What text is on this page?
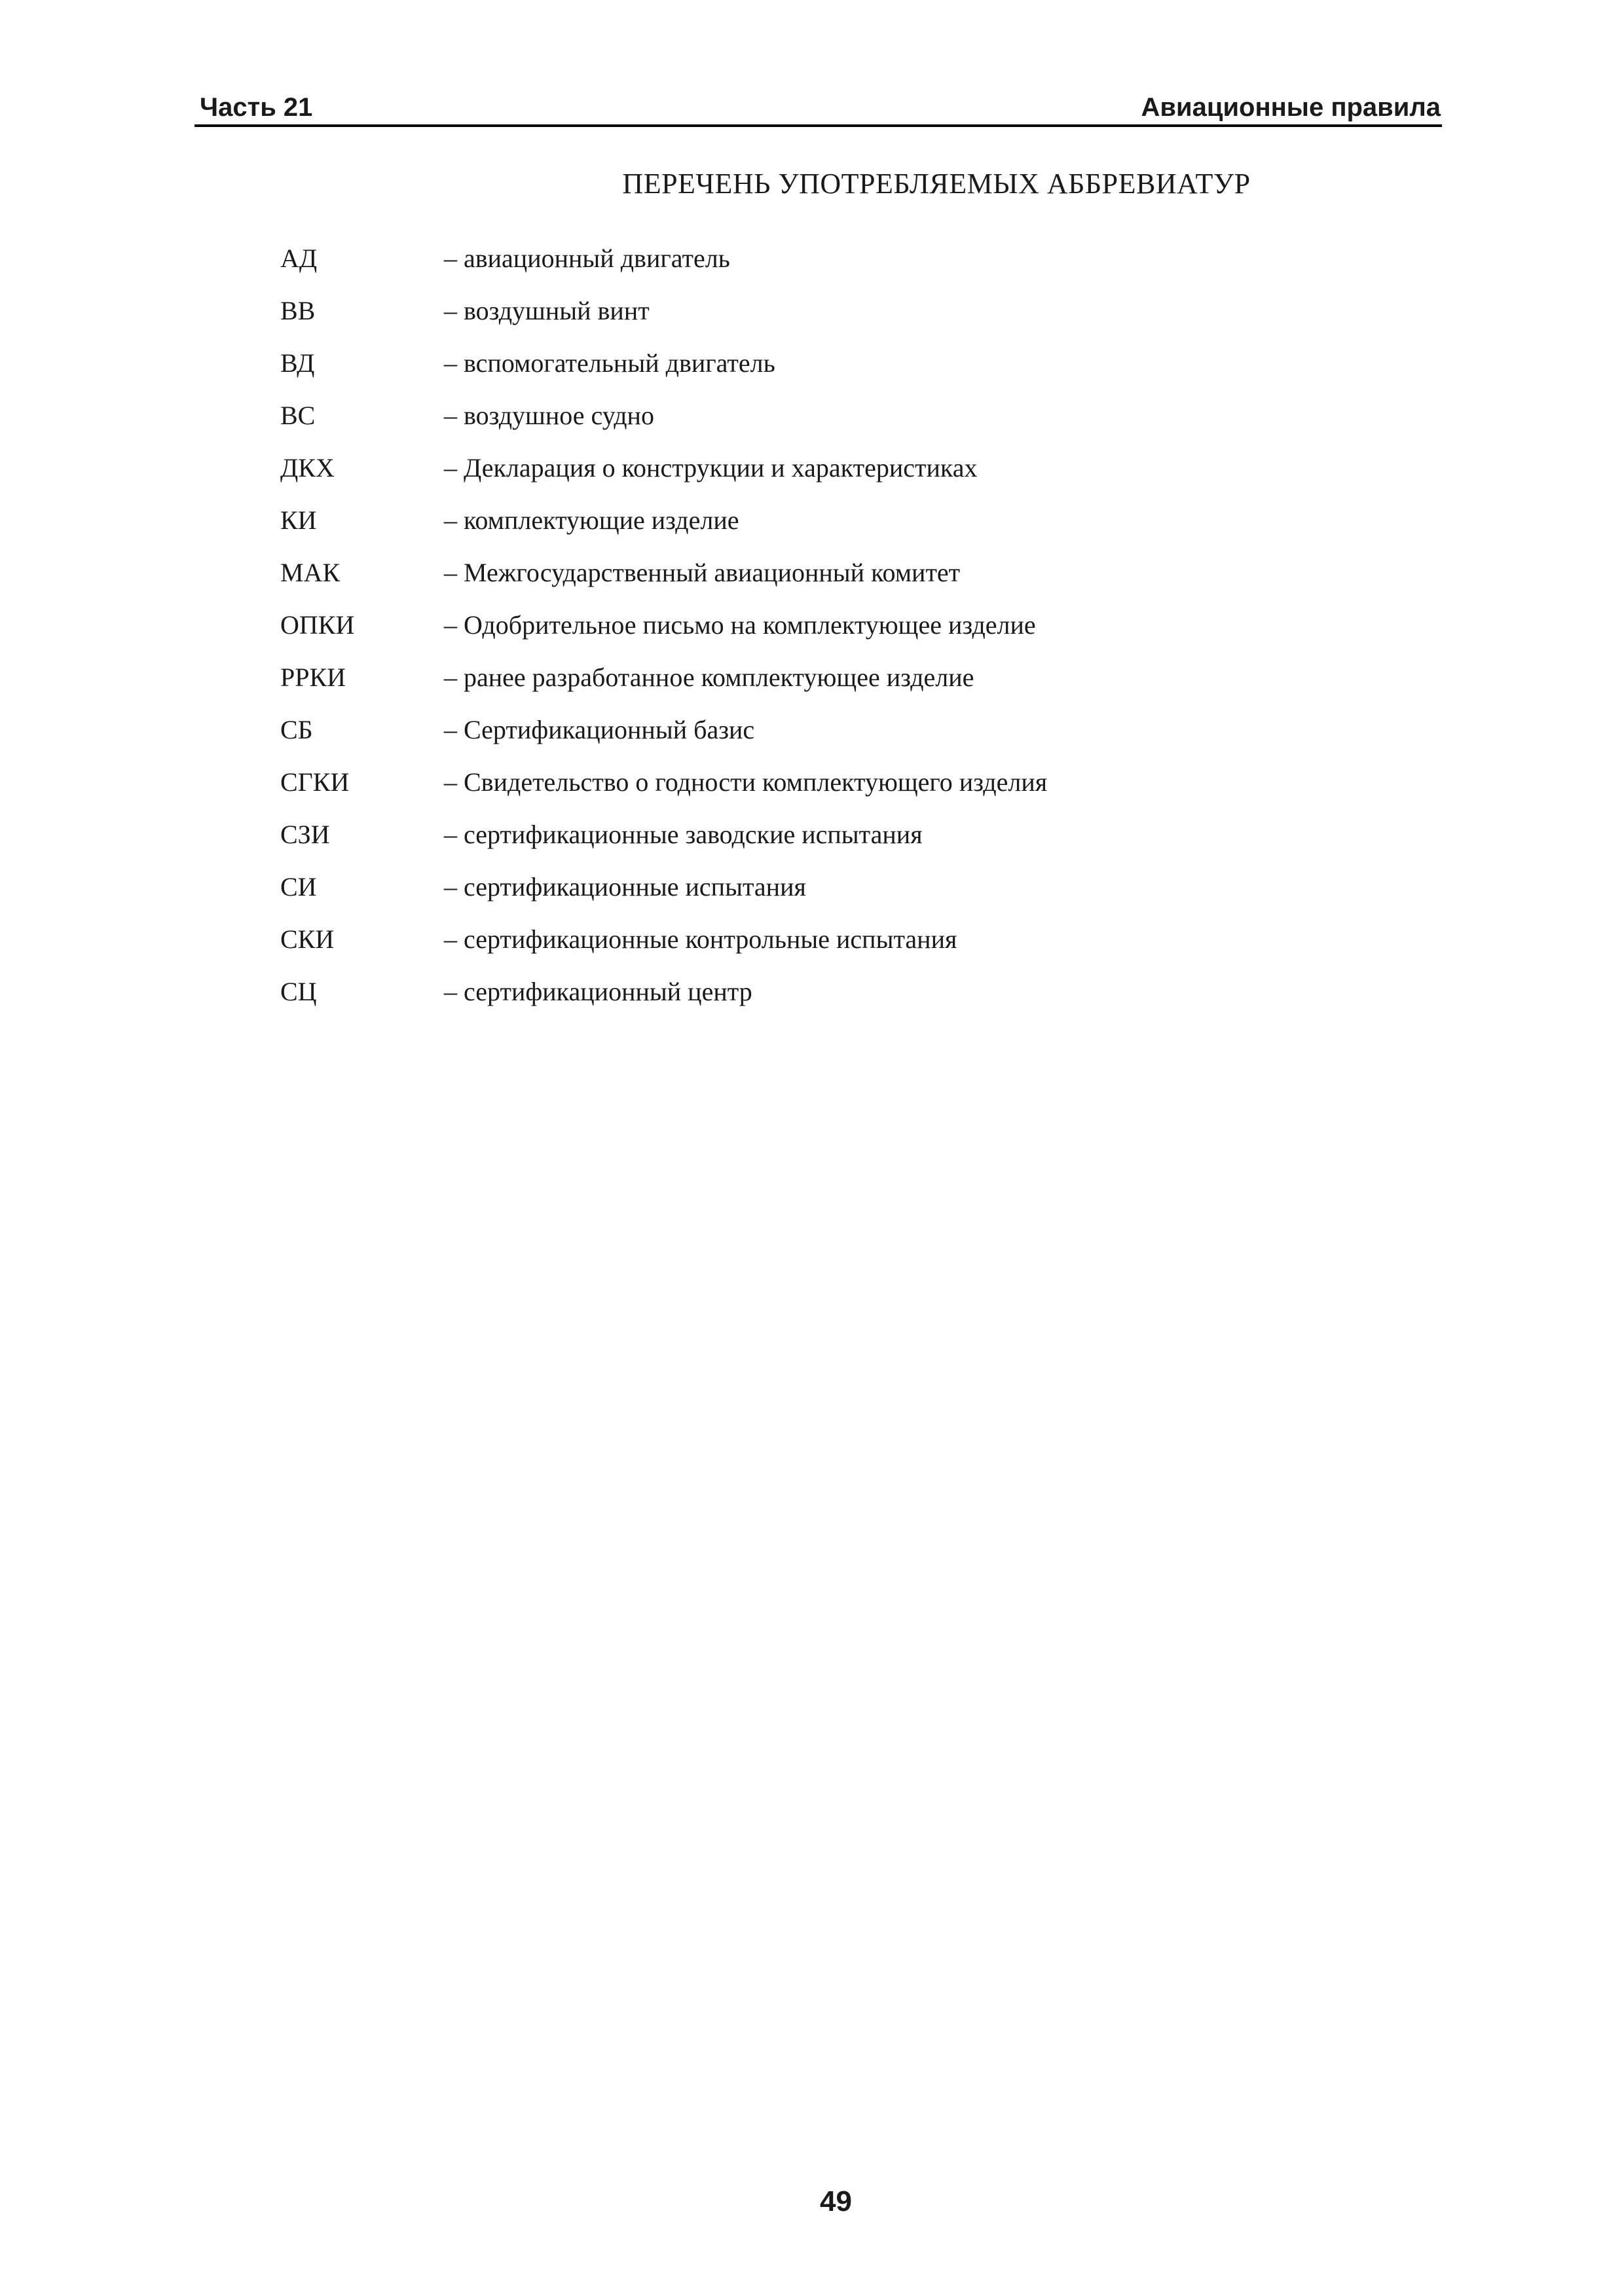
Часть 21	Авиационные правила
ПЕРЕЧЕНЬ УПОТРЕБЛЯЕМЫХ АББРЕВИАТУР
АД	– авиационный двигатель
ВВ	– воздушный винт
ВД	– вспомогательный двигатель
ВС	– воздушное судно
ДКХ	– Декларация о конструкции и характеристиках
КИ	– комплектующие изделие
МАК	– Межгосударственный авиационный комитет
ОПКИ	– Одобрительное письмо на комплектующее изделие
РРКИ	– ранее разработанное комплектующее изделие
СБ	– Сертификационный базис
СГКИ	– Свидетельство о годности комплектующего изделия
СЗИ	– сертификационные заводские испытания
СИ	– сертификационные испытания
СКИ	– сертификационные контрольные испытания
СЦ	– сертификационный центр
49
